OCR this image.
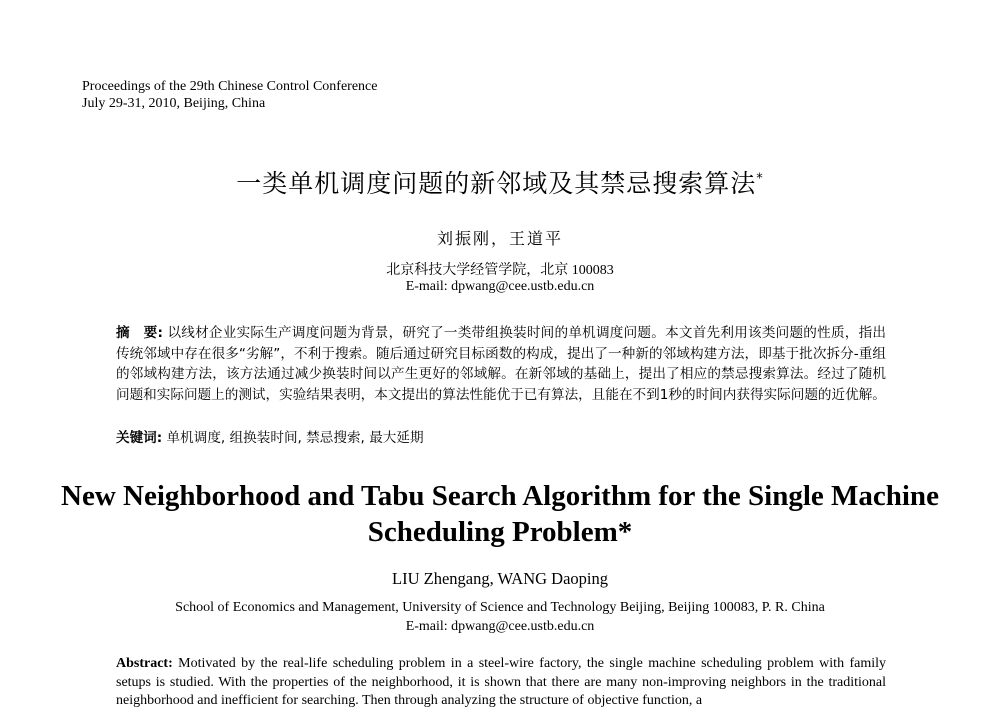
Proceedings of the 29th Chinese Control Conference
July 29-31, 2010, Beijing, China
一类单机调度问题的新邻域及其禁忌搜索算法*
刘振刚，王道平
北京科技大学经管学院，北京 100083
E-mail: dpwang@cee.ustb.edu.cn
摘　要: 以线材企业实际生产调度问题为背景，研究了一类带组换装时间的单机调度问题。本文首先利用该类问题的性质，指出传统邻域中存在很多“劣解”，不利于搜索。随后通过研究目标函数的构成，提出了一种新的邻域构建方法，即基于批次拆分-重组的邻域构建方法，该方法通过减少换装时间以产生更好的邻域解。在新邻域的基础上，提出了相应的禁忌搜索算法。经过了随机问题和实际问题上的测试，实验结果表明，本文提出的算法性能优于已有算法，且能在不到1秒的时间内获得实际问题的近优解。
关键词: 单机调度, 组换装时间, 禁忌搜索, 最大延期
New Neighborhood and Tabu Search Algorithm for the Single Machine Scheduling Problem*
LIU Zhengang, WANG Daoping
School of Economics and Management, University of Science and Technology Beijing, Beijing 100083, P. R. China
E-mail: dpwang@cee.ustb.edu.cn
Abstract: Motivated by the real-life scheduling problem in a steel-wire factory, the single machine scheduling problem with family setups is studied. With the properties of the neighborhood, it is shown that there are many non-improving neighbors in the traditional neighborhood and inefficient for searching. Then through analyzing the structure of objective function, a
